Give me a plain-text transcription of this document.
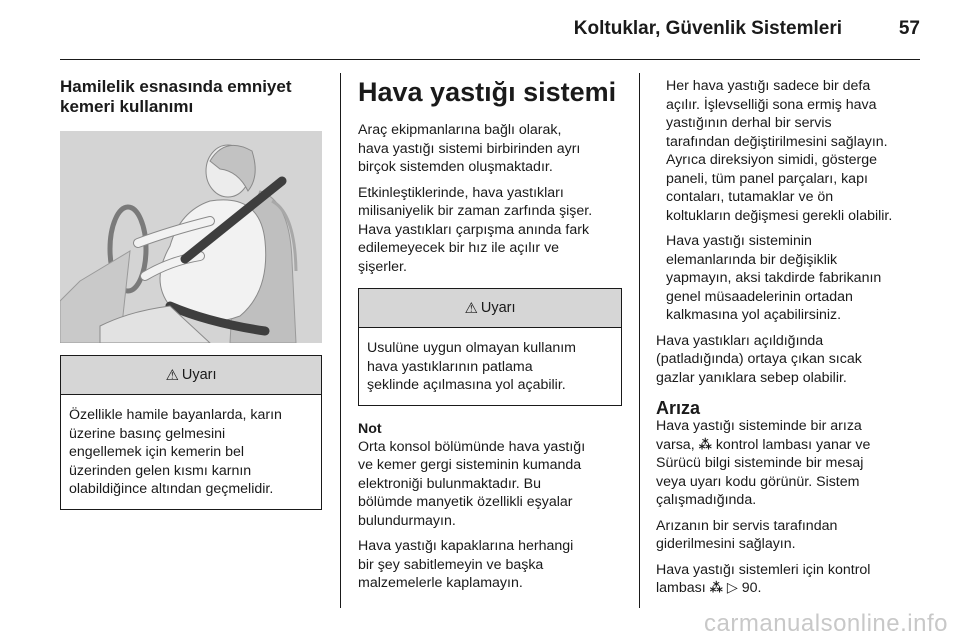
Koltuklar, Güvenlik Sistemleri	57
Hamilelik esnasında emniyet
kemeri kullanımı
⚠ Uyarı

Özellikle hamile bayanlarda, karın
üzerine basınç gelmesini
engellemek için kemerin bel
üzerinden gelen kısmı karnın
olabildiğince altından geçmelidir.

Hava yastığı sistemi

Araç ekipmanlarına bağlı olarak,
hava yastığı sistemi birbirinden ayrı
birçok sistemden oluşmaktadır.

Etkinleştiklerinde, hava yastıkları
milisaniyelik bir zaman zarfında şişer.
Hava yastıkları çarpışma anında fark
edilemeyecek bir hız ile açılır ve
şişerler.

⚠ Uyarı

Usulüne uygun olmayan kullanım
hava yastıklarının patlama
şeklinde açılmasına yol açabilir.

Not

Orta konsol bölümünde hava yastığı
ve kemer gergi sisteminin kumanda
elektroniği bulunmaktadır. Bu
bölümde manyetik özellikli eşyalar
bulundurmayın.

Hava yastığı kapaklarına herhangi
bir şey sabitlemeyin ve başka
malzemelerle kaplamayın.

Her hava yastığı sadece bir defa
açılır. İşlevselliği sona ermiş hava
yastığının derhal bir servis
tarafından değiştirilmesini sağlayın.
Ayrıca direksiyon simidi, gösterge
paneli, tüm panel parçaları, kapı
contaları, tutamaklar ve ön
koltukların değişmesi gerekli olabilir.

Hava yastığı sisteminin
elemanlarında bir değişiklik
yapmayın, aksi takdirde fabrikanın
genel müsaadelerinin ortadan
kalkmasına yol açabilirsiniz.

Hava yastıkları açıldığında
(patladığında) ortaya çıkan sıcak
gazlar yanıklara sebep olabilir.

Arıza

Hava yastığı sisteminde bir arıza
varsa, ⁂ kontrol lambası yanar ve
Sürücü bilgi sisteminde bir mesaj
veya uyarı kodu görünür. Sistem
çalışmadığında.

Arızanın bir servis tarafından
giderilmesini sağlayın.

Hava yastığı sistemleri için kontrol
lambası ⁂ ▷ 90.

carmanualsonline.info
